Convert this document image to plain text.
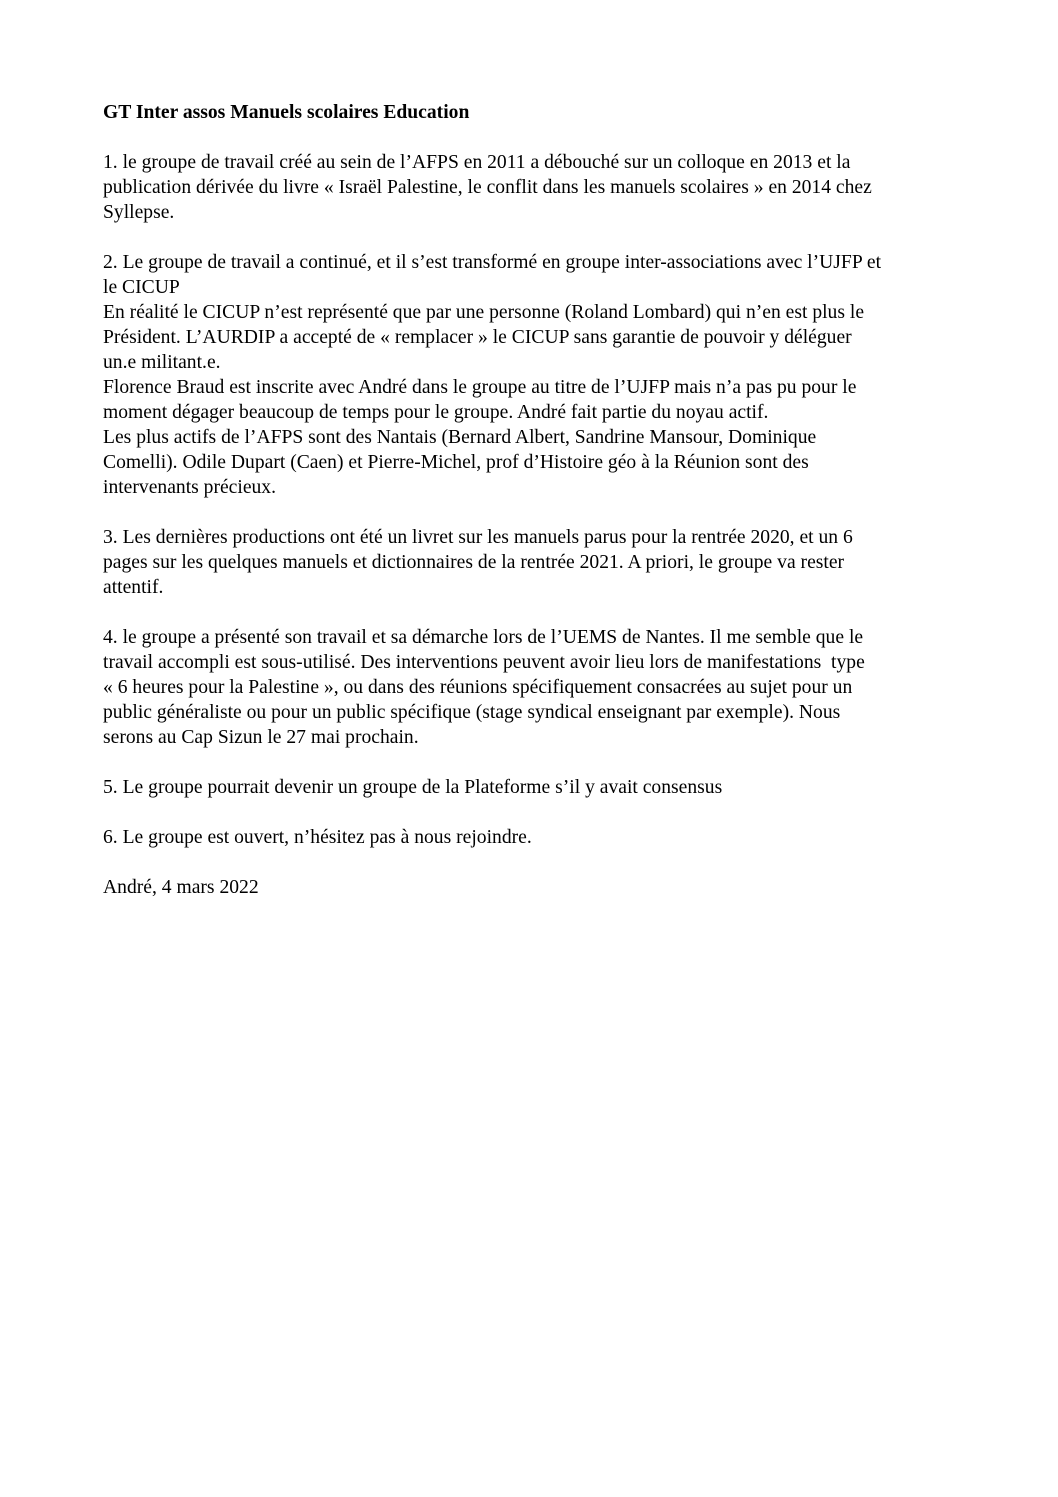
GT Inter assos Manuels scolaires Education

1. le groupe de travail créé au sein de l’AFPS en 2011 a débouché sur un colloque en 2013 et la
publication dérivée du livre « Israël Palestine, le conflit dans les manuels scolaires » en 2014 chez
Syllepse.
2. Le groupe de travail a continué, et il s’est transformé en groupe inter-associations avec l’UJFP et
le CICUP
En réalité le CICUP n’est représenté que par une personne (Roland Lombard) qui n’en est plus le
Président. L’AURDIP a accepté de « remplacer » le CICUP sans garantie de pouvoir y déléguer
un.e militant.e.
Florence Braud est inscrite avec André dans le groupe au titre de l’UJFP mais n’a pas pu pour le
moment dégager beaucoup de temps pour le groupe. André fait partie du noyau actif.
Les plus actifs de l’AFPS sont des Nantais (Bernard Albert, Sandrine Mansour, Dominique
Comelli). Odile Dupart (Caen) et Pierre-Michel, prof d’Histoire géo à la Réunion sont des
intervenants précieux.
3. Les dernières productions ont été un livret sur les manuels parus pour la rentrée 2020, et un 6
pages sur les quelques manuels et dictionnaires de la rentrée 2021. A priori, le groupe va rester
attentif.
4. le groupe a présenté son travail et sa démarche lors de l’UEMS de Nantes. Il me semble que le
travail accompli est sous-utilisé. Des interventions peuvent avoir lieu lors de manifestations  type
« 6 heures pour la Palestine », ou dans des réunions spécifiquement consacrées au sujet pour un
public généraliste ou pour un public spécifique (stage syndical enseignant par exemple). Nous
serons au Cap Sizun le 27 mai prochain.
5. Le groupe pourrait devenir un groupe de la Plateforme s’il y avait consensus
6. Le groupe est ouvert, n’hésitez pas à nous rejoindre.
André, 4 mars 2022
